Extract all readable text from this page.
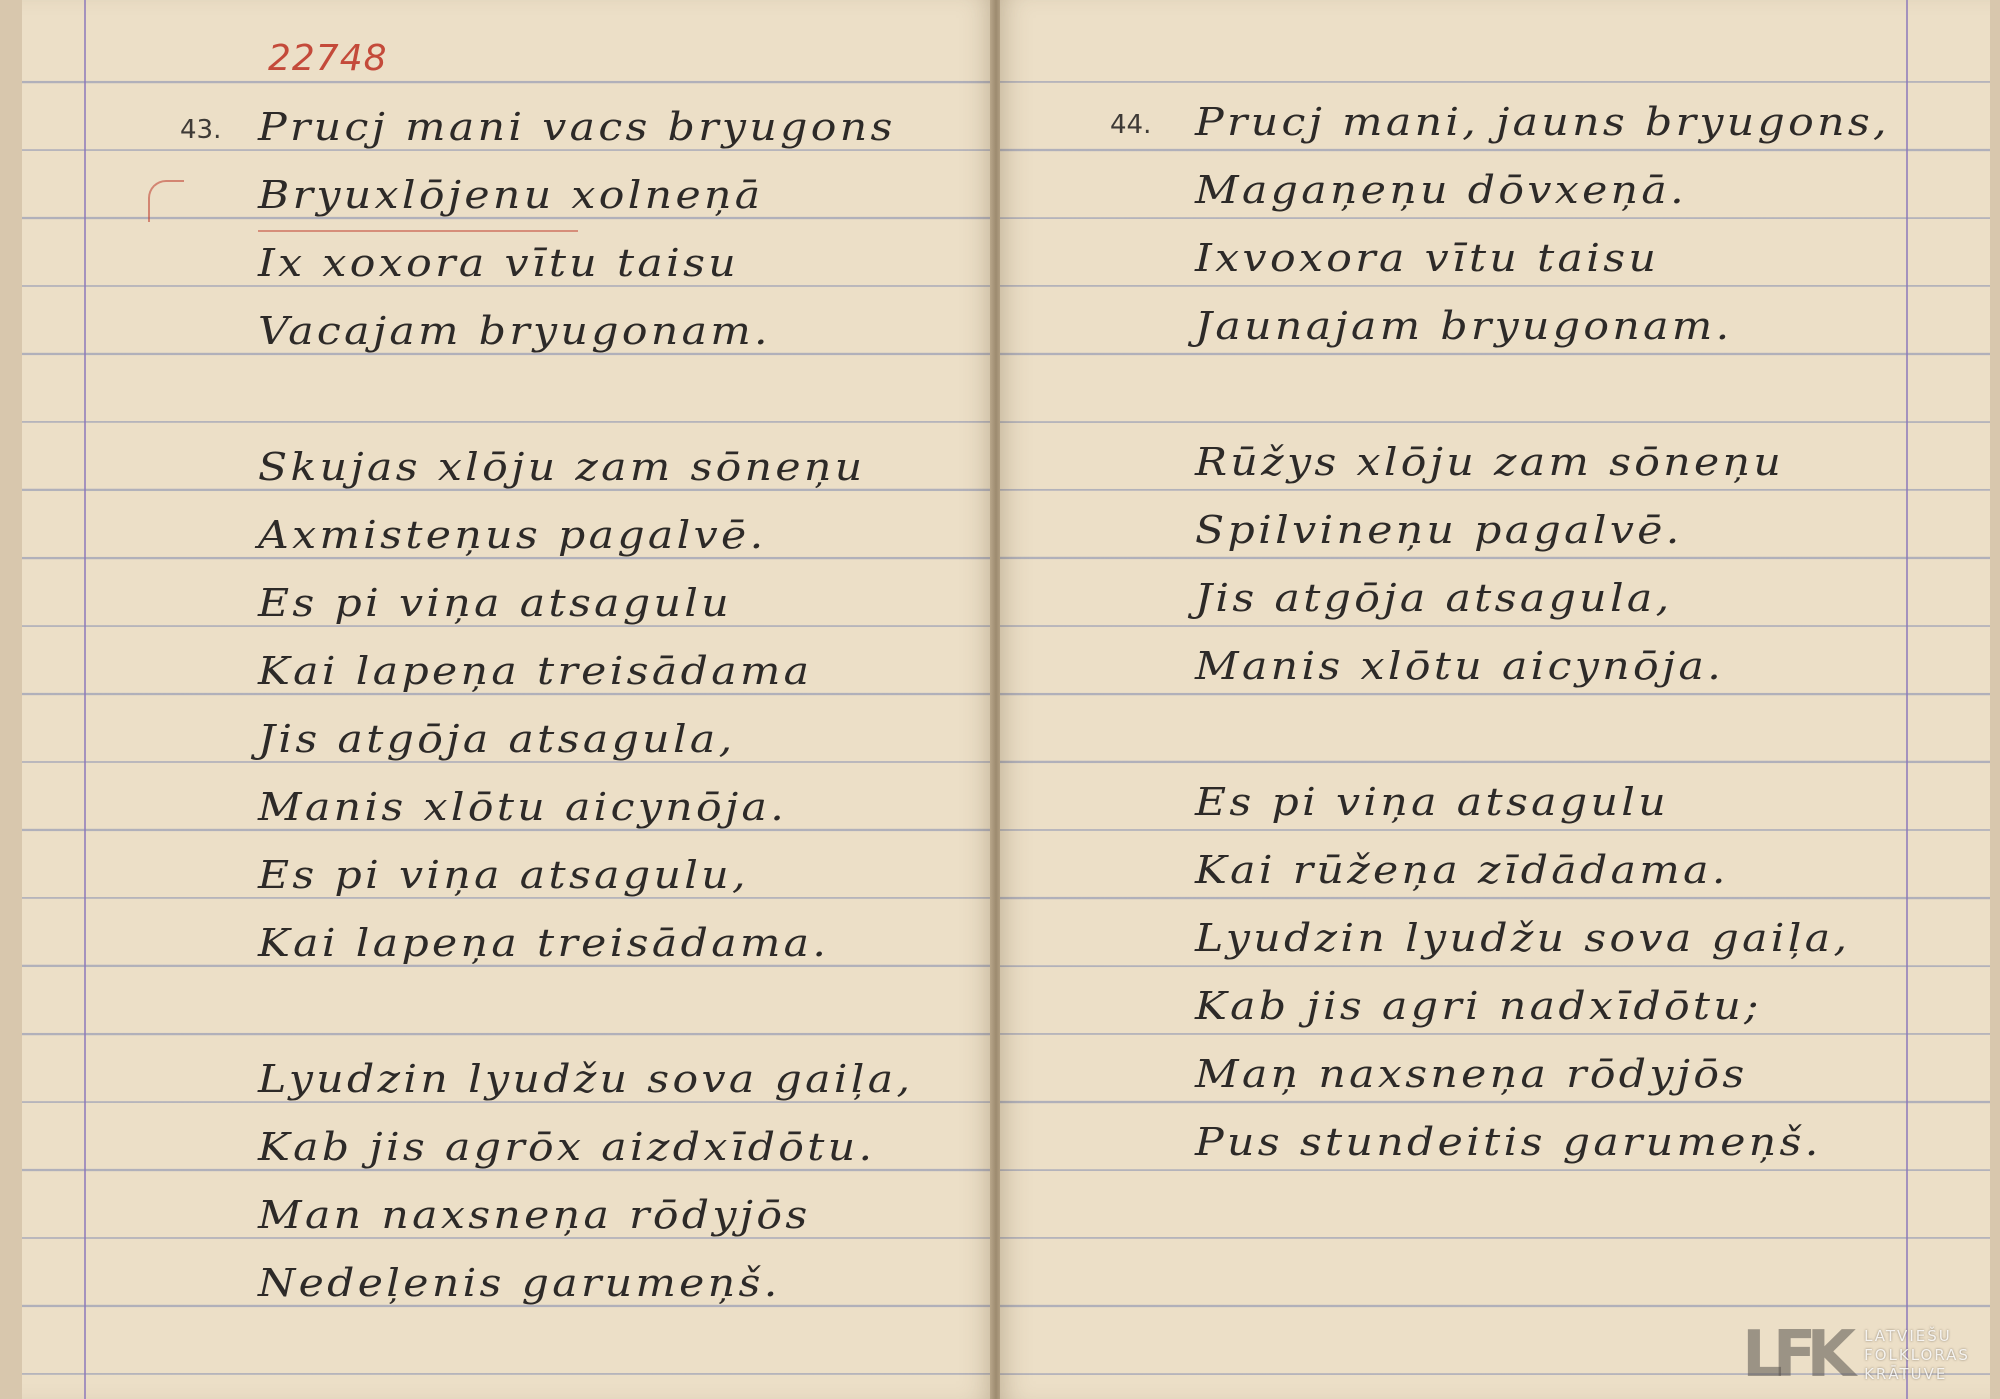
22748
43. Prucj mani vacs bryugons
Bryuxlōjenu xolneņā
Ix xoxora vītu taisu
Vacajam bryugonam.
Skujas xlōju zam sōneņu
Axmisteņus pagalvē.
Es pi viņa atsagulu
Kai lapeņa treisādama
Jis atgōja atsagula,
Manis xlōtu aicynōja.
Es pi viņa atsagulu,
Kai lapeņa treisādama.
Lyudzin lyudžu sova gaiļa,
Kab jis agrōx aizdxīdōtu.
Man naxsneņa rōdyjōs
Nedeļenis garumeņš.
44. Prucj mani, jauns bryugons,
Magaņeņu dōvxeņā.
Ixvoxora vītu taisu
Jaunajam bryugonam.
Rūžys xlōju zam sōneņu
Spilvineņu pagalvē.
Jis atgōja atsagula,
Manis xlōtu aicynōja.
Es pi viņa atsagulu
Kai rūžeņa zīdādama.
Lyudzin lyudžu sova gaiļa,
Kab jis agri nadxīdōtu;
Maņ naxsneņa rōdyjōs
Pus stundeitis garumeņš.
LFK LATVIEŠU
FOLKLORAS
KRĀTUVE
